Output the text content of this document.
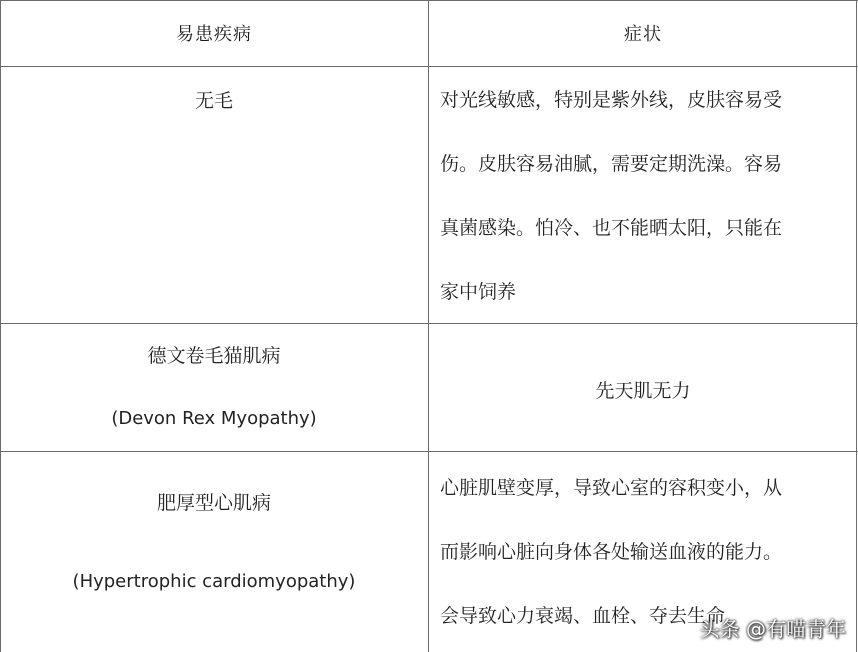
易患疾病	症状
无毛	对光线敏感，特别是紫外线，皮肤容易受
伤。皮肤容易油腻，需要定期洗澡。容易
真菌感染。怕冷、也不能晒太阳，只能在
家中饲养
德文卷毛猫肌病
(Devon Rex Myopathy)
先天肌无力
肥厚型心肌病
(Hypertrophic cardiomyopathy)
心脏肌壁变厚，导致心室的容积变小，从
而影响心脏向身体各处输送血液的能力。
会导致心力衰竭、血栓、夺去生命
头条 @有喵青年
